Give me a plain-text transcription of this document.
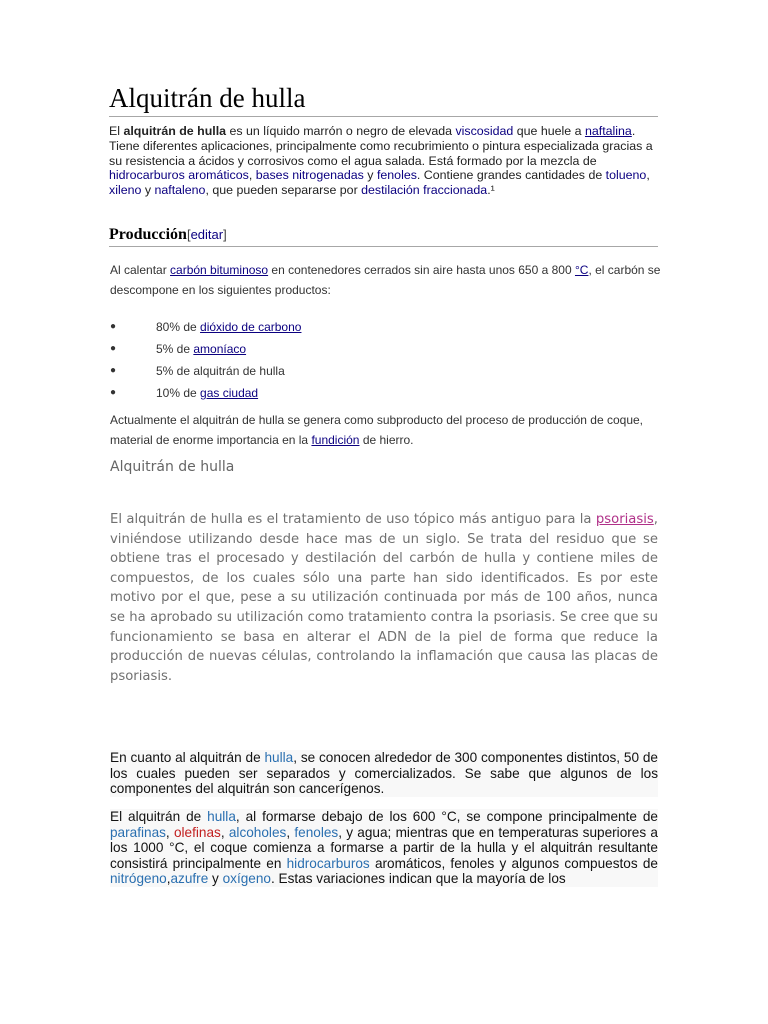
Alquitrán de hulla

El alquitrán de hulla es un líquido marrón o negro de elevada viscosidad que huele a naftalina. Tiene diferentes aplicaciones, principalmente como recubrimiento o pintura especializada gracias a su resistencia a ácidos y corrosivos como el agua salada. Está formado por la mezcla de hidrocarburos aromáticos, bases nitrogenadas y fenoles. Contiene grandes cantidades de tolueno, xileno y naftaleno, que pueden separarse por destilación fraccionada.¹

Producción[editar]

Al calentar carbón bituminoso en contenedores cerrados sin aire hasta unos 650 a 800 °C, el carbón se descompone en los siguientes productos:

●	80% de dióxido de carbono
●	5% de amoníaco
●	5% de alquitrán de hulla
●	10% de gas ciudad

Actualmente el alquitrán de hulla se genera como subproducto del proceso de producción de coque, material de enorme importancia en la fundición de hierro.

Alquitrán de hulla

El alquitrán de hulla es el tratamiento de uso tópico más antiguo para la psoriasis, viniéndose utilizando desde hace mas de un siglo. Se trata del residuo que se obtiene tras el procesado y destilación del carbón de hulla y contiene miles de compuestos, de los cuales sólo una parte han sido identificados. Es por este motivo por el que, pese a su utilización continuada por más de 100 años, nunca se ha aprobado su utilización como tratamiento contra la psoriasis. Se cree que su funcionamiento se basa en alterar el ADN de la piel de forma que reduce la producción de nuevas células, controlando la inflamación que causa las placas de psoriasis.

En cuanto al alquitrán de hulla, se conocen alrededor de 300 componentes distintos, 50 de los cuales pueden ser separados y comercializados. Se sabe que algunos de los componentes del alquitrán son cancerígenos.

El alquitrán de hulla, al formarse debajo de los 600 °C, se compone principalmente de parafinas, olefinas, alcoholes, fenoles, y agua; mientras que en temperaturas superiores a los 1000 °C, el coque comienza a formarse a partir de la hulla y el alquitrán resultante consistirá principalmente en hidrocarburos aromáticos, fenoles y algunos compuestos de nitrógeno,azufre y oxígeno. Estas variaciones indican que la mayoría de los
